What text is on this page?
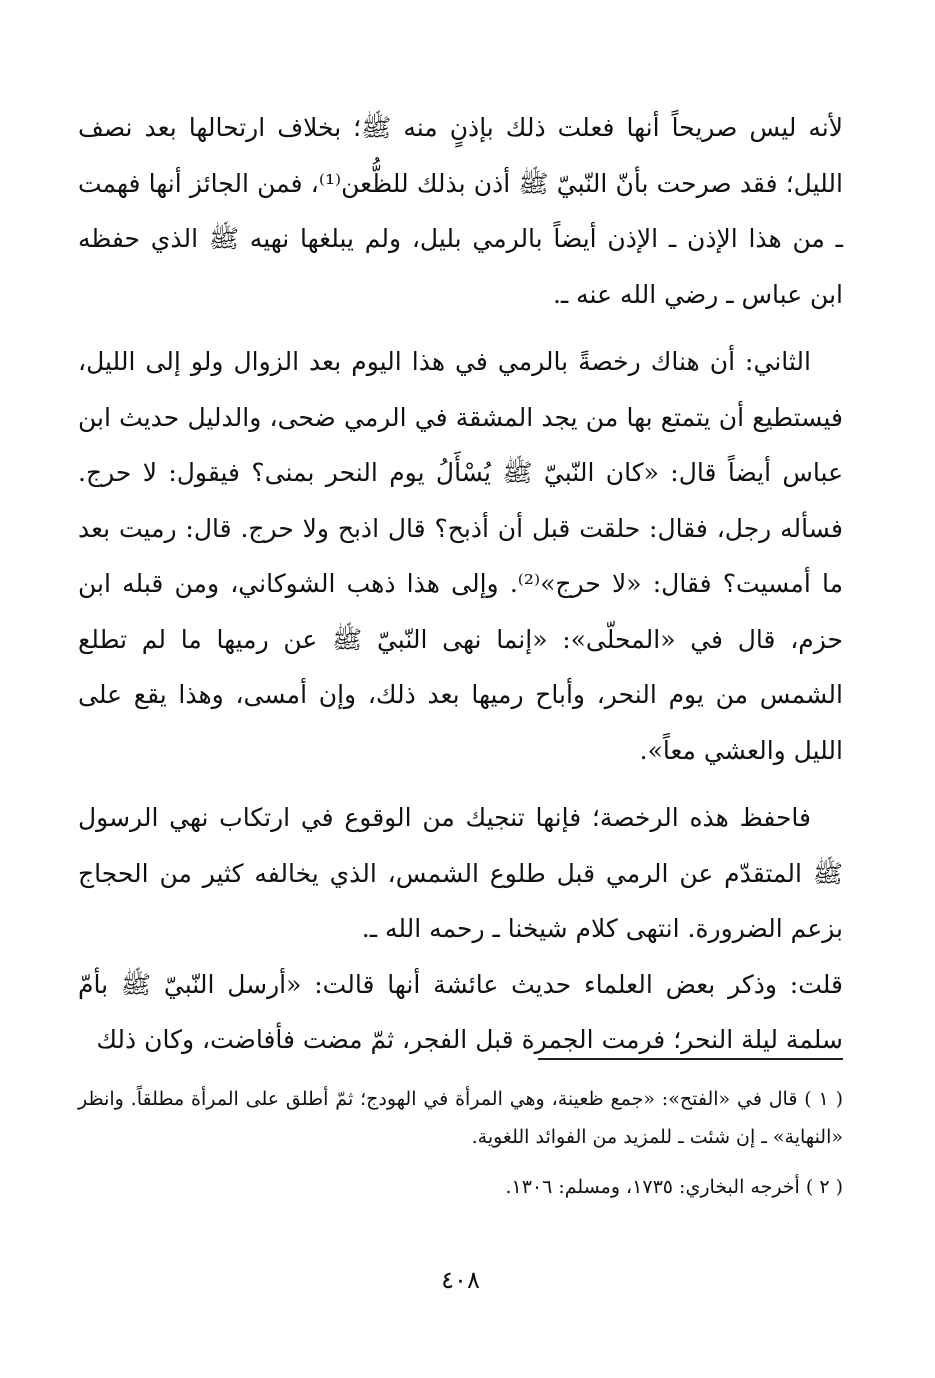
لأنه ليس صريحاً أنها فعلت ذلك بإذنٍ منه ﷺ؛ بخلاف ارتحالها بعد نصف الليل؛ فقد صرحت بأنّ النّبيّ ﷺ أذن بذلك للظُّعن⁽¹⁾، فمن الجائز أنها فهمت ـ من هذا الإذن ـ الإذن أيضاً بالرمي بليل، ولم يبلغها نهيه ﷺ الذي حفظه ابن عباس ـ رضي الله عنه ـ.

الثاني: أن هناك رخصةً بالرمي في هذا اليوم بعد الزوال ولو إلى الليل، فيستطيع أن يتمتع بها من يجد المشقة في الرمي ضحى، والدليل حديث ابن عباس أيضاً قال: «كان النّبيّ ﷺ يُسْأَلُ يوم النحر بمنى؟ فيقول: لا حرج. فسأله رجل، فقال: حلقت قبل أن أذبح؟ قال اذبح ولا حرج. قال: رميت بعد ما أمسيت؟ فقال: «لا حرج»⁽²⁾. وإلى هذا ذهب الشوكاني، ومن قبله ابن حزم، قال في «المحلّى»: «إنما نهى النّبيّ ﷺ عن رميها ما لم تطلع الشمس من يوم النحر، وأباح رميها بعد ذلك، وإن أمسى، وهذا يقع على الليل والعشي معاً».

فاحفظ هذه الرخصة؛ فإنها تنجيك من الوقوع في ارتكاب نهي الرسول ﷺ المتقدّم عن الرمي قبل طلوع الشمس، الذي يخالفه كثير من الحجاج بزعم الضرورة. انتهى كلام شيخنا ـ رحمه الله ـ.

قلت: وذكر بعض العلماء حديث عائشة أنها قالت: «أرسل النّبيّ ﷺ بأمّ سلمة ليلة النحر؛ فرمت الجمرة قبل الفجر، ثمّ مضت فأفاضت، وكان ذلك

( ١ ) قال في «الفتح»: «جمع ظعينة، وهي المرأة في الهودج؛ ثمّ أطلق على المرأة مطلقاً. وانظر «النهاية» ـ إن شئت ـ للمزيد من الفوائد اللغوية.

( ٢ ) أخرجه البخاري: ١٧٣٥، ومسلم: ١٣٠٦.

٤٠٨
